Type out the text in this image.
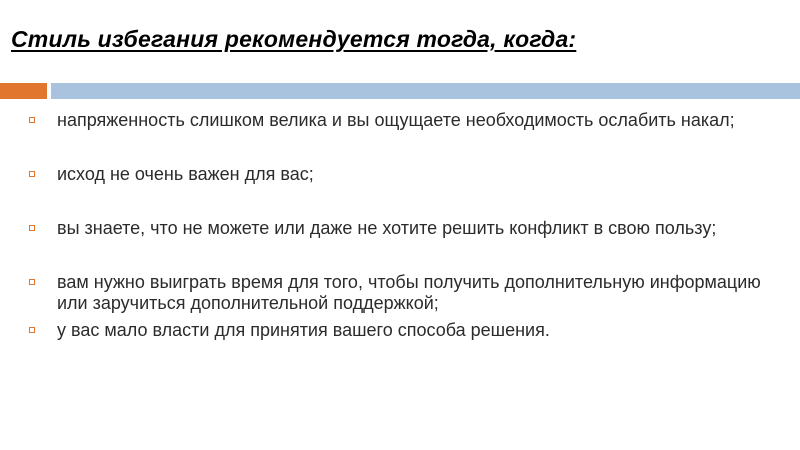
Стиль избегания рекомендуется тогда, когда:
напряженность слишком велика и вы ощущаете необходимость ослабить накал;
исход не очень важен для вас;
вы знаете, что не можете или даже не хотите решить конфликт в свою пользу;
вам нужно выиграть время для того, чтобы получить дополнительную информацию или заручиться дополнительной поддержкой;
у вас мало власти для принятия вашего способа решения.
